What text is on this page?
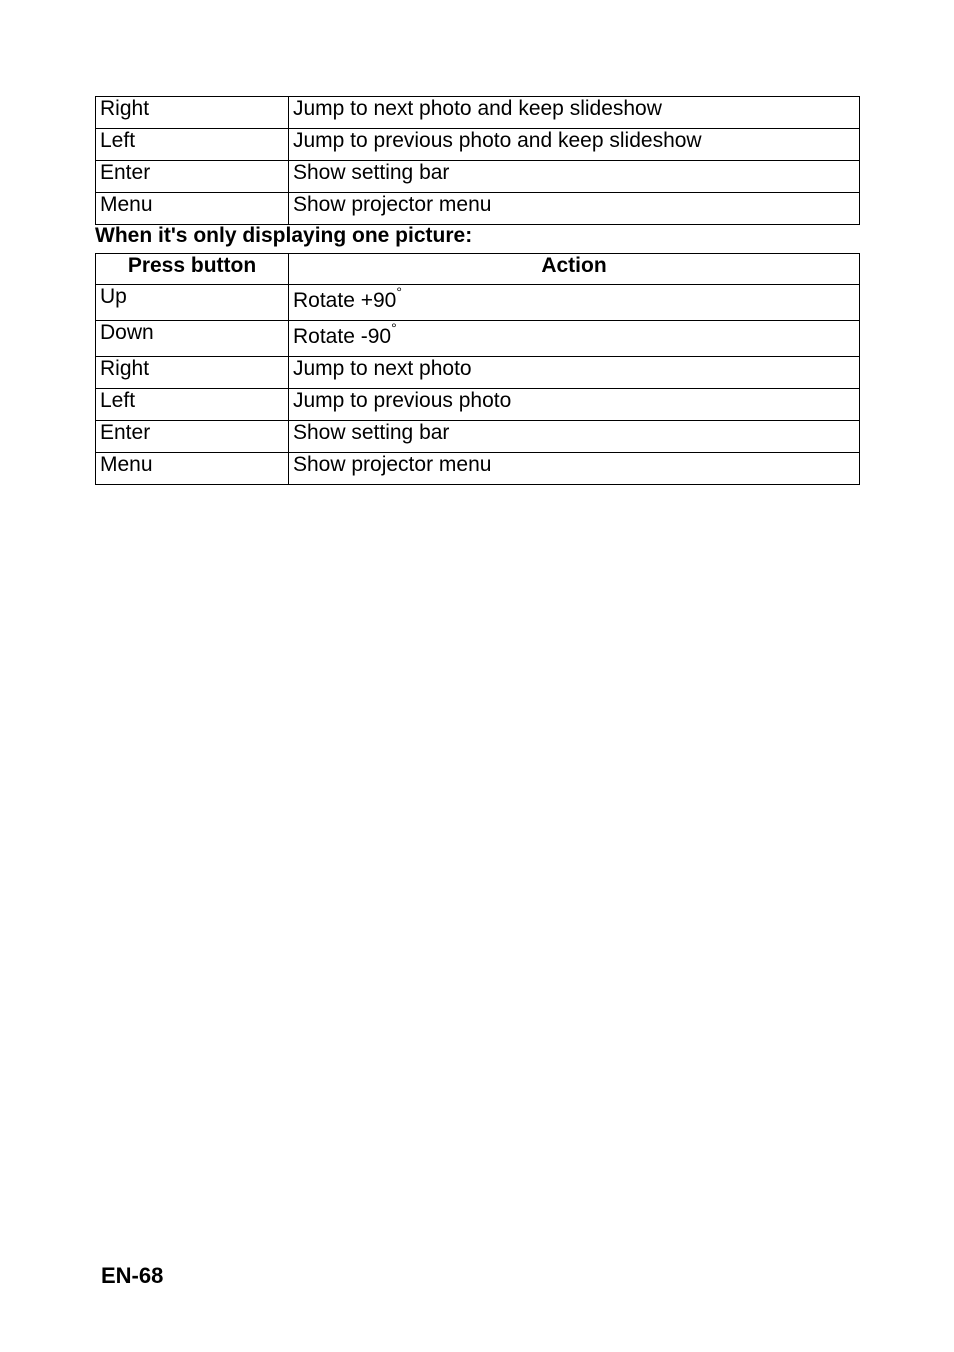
Right	Jump to next photo and keep slideshow
Left	Jump to previous photo and keep slideshow
Enter	Show setting bar
Menu	Show projector menu

When it's only displaying one picture:

Press button	Action
Up	Rotate +90°
Down	Rotate -90°
Right	Jump to next photo
Left	Jump to previous photo
Enter	Show setting bar
Menu	Show projector menu
EN-68
